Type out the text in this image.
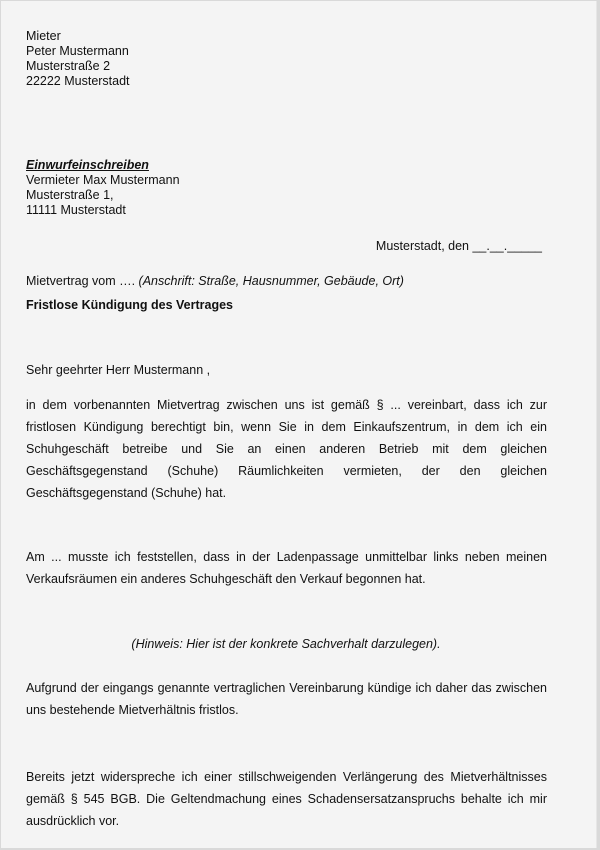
Mieter
Peter Mustermann
Musterstraße 2
22222 Musterstadt
Einwurfeinschreiben
Vermieter Max Mustermann
Musterstraße 1,
11111 Musterstadt
Musterstadt, den __.__._____
Mietvertrag vom …. (Anschrift: Straße, Hausnummer, Gebäude, Ort)
Fristlose Kündigung des Vertrages
Sehr geehrter Herr Mustermann ,
in dem vorbenannten Mietvertrag zwischen uns ist gemäß § ... vereinbart, dass ich zur fristlosen Kündigung berechtigt bin, wenn Sie in dem Einkaufszentrum, in dem ich ein Schuhgeschäft betreibe und Sie an einen anderen Betrieb mit dem gleichen Geschäftsgegenstand (Schuhe) Räumlichkeiten vermieten, der den gleichen Geschäftsgegenstand (Schuhe) hat.
Am ... musste ich feststellen, dass in der Ladenpassage unmittelbar links neben meinen Verkaufsräumen ein anderes Schuhgeschäft den Verkauf begonnen hat.
(Hinweis: Hier ist der konkrete Sachverhalt darzulegen).
Aufgrund der eingangs genannte vertraglichen Vereinbarung kündige ich daher das zwischen uns bestehende Mietverhältnis fristlos.
Bereits jetzt widerspreche ich einer stillschweigenden Verlängerung des Mietverhältnisses gemäß § 545 BGB. Die Geltendmachung eines Schadensersatzanspruchs behalte ich mir ausdrücklich vor.
